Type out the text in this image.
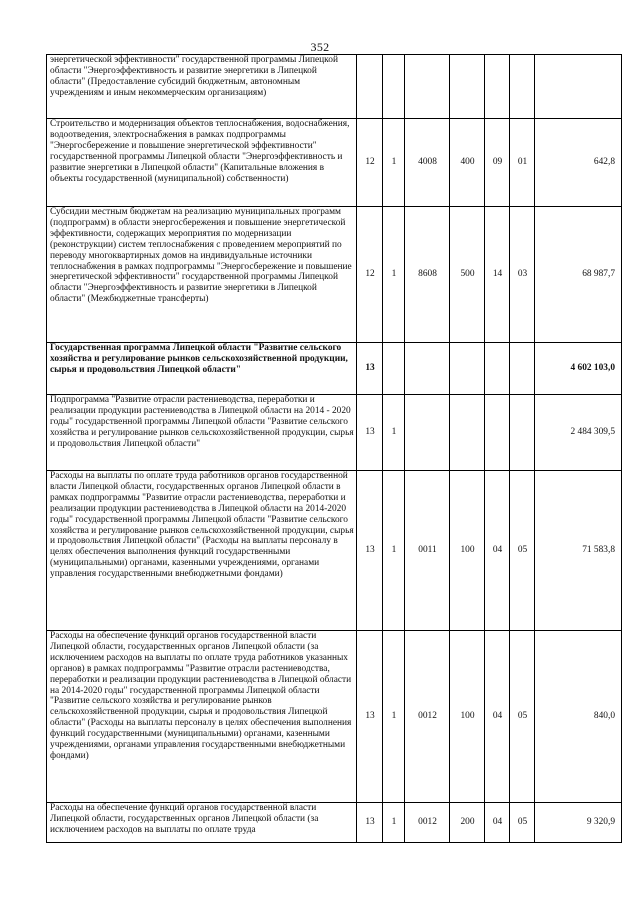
352
энергетической эффективности" государственной программы Липецкой области "Энергоэффективность и развитие энергетики в Липецкой области" (Предоставление субсидий бюджетным, автономным учреждениям и иным некоммерческим организациям)							
Строительство и модернизация объектов теплоснабжения, водоснабжения, водоотведения, электроснабжения в рамках подпрограммы "Энергосбережение и повышение энергетической эффективности" государственной программы Липецкой области "Энергоэффективность и развитие энергетики в Липецкой области" (Капитальные вложения в объекты государственной (муниципальной) собственности)	12	1	4008	400	09	01	642,8
Субсидии местным бюджетам на реализацию муниципальных программ (подпрограмм) в области энергосбережения и повышение энергетической эффективности, содержащих мероприятия по модернизации (реконструкции) систем теплоснабжения с проведением мероприятий по переводу многоквартирных домов на индивидуальные источники теплоснабжения в рамках подпрограммы "Энергосбережение и повышение энергетической эффективности" государственной программы Липецкой области "Энергоэффективность и развитие энергетики в Липецкой области" (Межбюджетные трансферты)	12	1	8608	500	14	03	68 987,7
Государственная программа Липецкой области "Развитие сельского хозяйства и регулирование рынков сельскохозяйственной продукции, сырья и продовольствия Липецкой области"	13						4 602 103,0
Подпрограмма "Развитие отрасли растениеводства, переработки и реализации продукции растениеводства в Липецкой области на 2014 - 2020 годы" государственной программы Липецкой области "Развитие сельского хозяйства и регулирование рынков сельскохозяйственной продукции, сырья и продовольствия Липецкой области"	13	1					2 484 309,5
Расходы на выплаты по оплате труда работников органов государственной власти Липецкой области, государственных органов Липецкой области в рамках подпрограммы "Развитие отрасли растениеводства, переработки и реализации продукции растениеводства в Липецкой области на 2014-2020 годы" государственной программы Липецкой области "Развитие сельского хозяйства и регулирование рынков сельскохозяйственной продукции, сырья и продовольствия Липецкой области" (Расходы на выплаты персоналу в целях обеспечения выполнения функций государственными (муниципальными) органами, казенными учреждениями, органами управления государственными внебюджетными фондами)	13	1	0011	100	04	05	71 583,8
Расходы на обеспечение функций органов государственной власти Липецкой области, государственных органов Липецкой области (за исключением расходов на выплаты по оплате труда работников указанных органов) в рамках подпрограммы "Развитие отрасли растениеводства, переработки и реализации продукции растениеводства в Липецкой области на 2014-2020 годы" государственной программы Липецкой области "Развитие сельского хозяйства и регулирование рынков сельскохозяйственной продукции, сырья и продовольствия Липецкой области" (Расходы на выплаты персоналу в целях обеспечения выполнения функций государственными (муниципальными) органами, казенными учреждениями, органами управления государственными внебюджетными фондами)	13	1	0012	100	04	05	840,0
Расходы на обеспечение функций органов государственной власти Липецкой области, государственных органов Липецкой области (за исключением расходов на выплаты по оплате труда	13	1	0012	200	04	05	9 320,9
